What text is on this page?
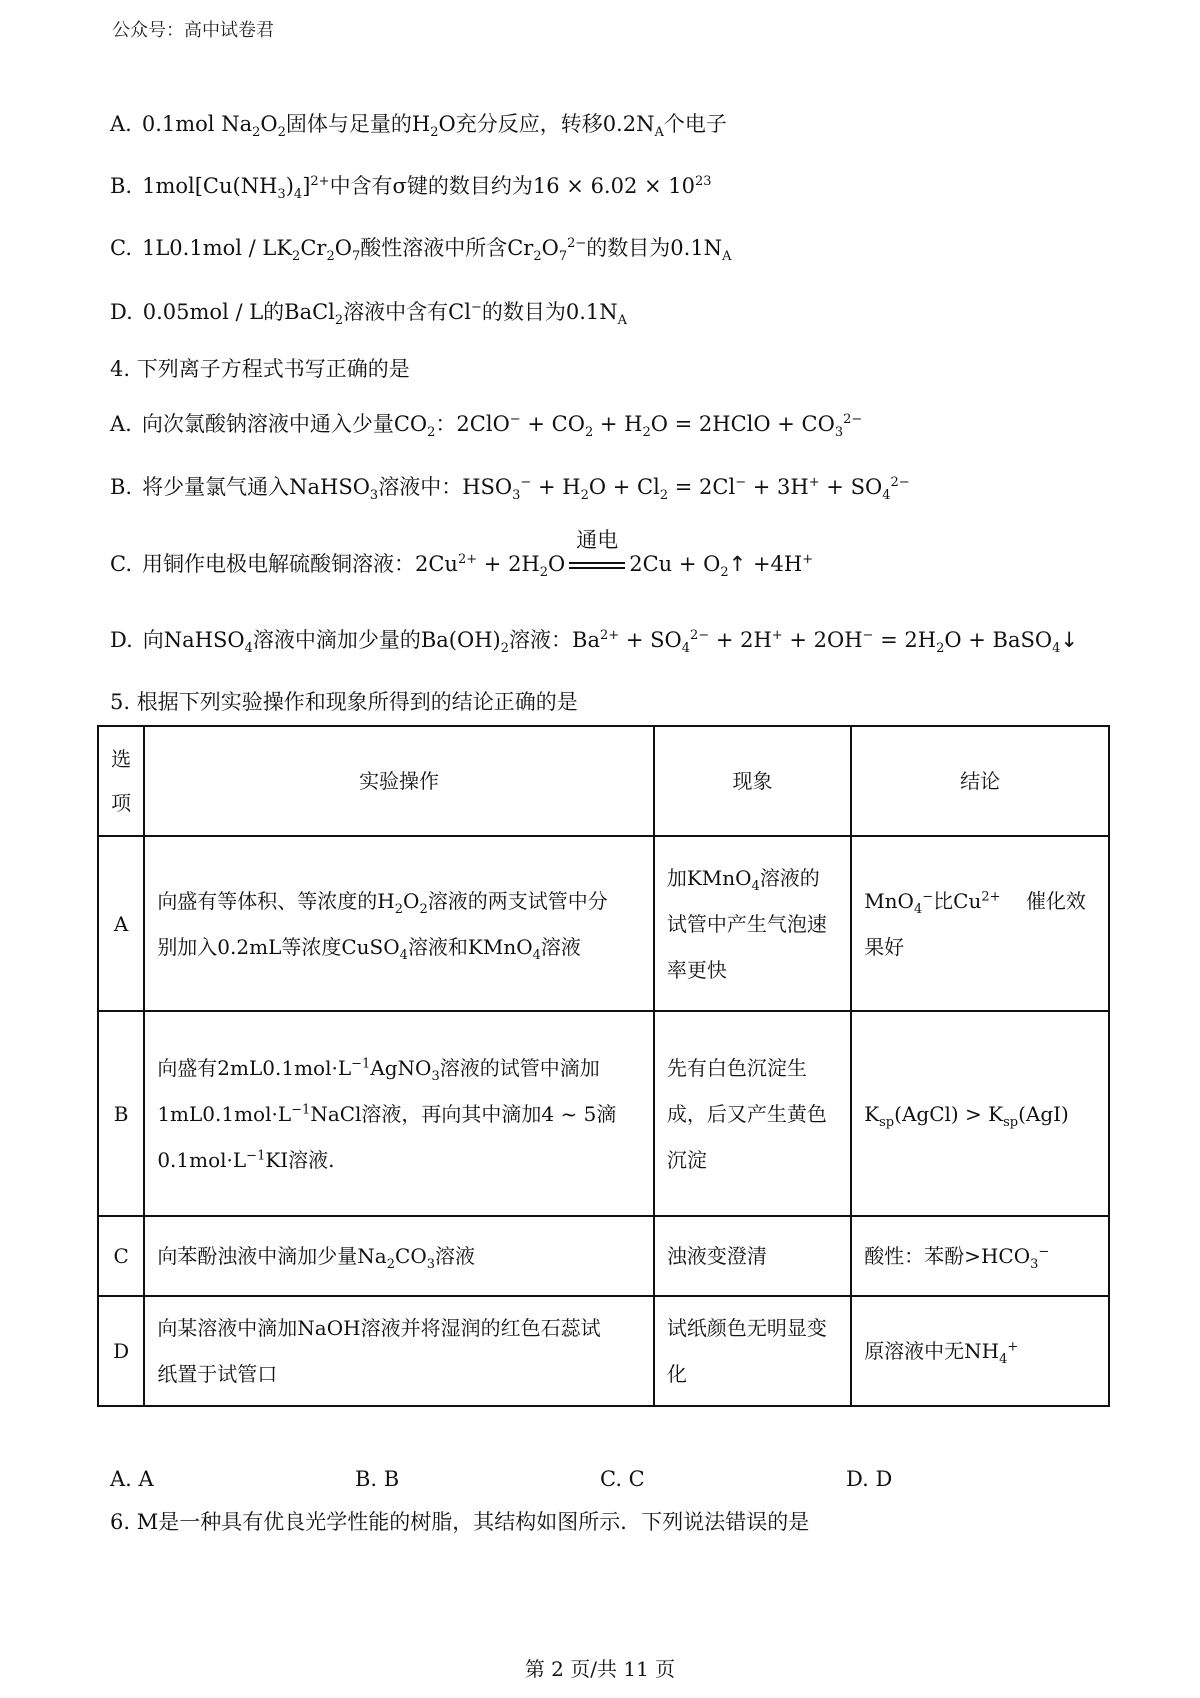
公众号：高中试卷君
A. 0.1mol $Na_2O_2$固体与足量的$H_2O$充分反应，转移$0.2N_A$个电子
B. $1mol[Cu(NH_3)_4]^{2+}$中含有σ键的数目约为$16 \times 6.02 \times 10^{23}$
C. $1L0.1mol / LK_2Cr_2O_7$酸性溶液中所含$Cr_2O_7^{2-}$的数目为$0.1N_A$
D. 0.05mol / L的BaCl$_2$溶液中含有Cl−的数目为$0.1N_A$
4. 下列离子方程式书写正确的是
A. 向次氯酸钠溶液中通入少量$CO_2$：$2ClO^- + CO_2 + H_2O$ = 2HClO + $CO_3^{2-}$
B. 将少量氯气通入NaHSO$_3$溶液中：$HSO_3^- + H_2O + Cl_2 = 2Cl^- + 3H^+ + SO_4^{2-}$
C. 用铜作电极电解硫酸铜溶液：$2Cu^{2+} + 2H_2O$
通电
$2Cu + O_2↑ +4H^+$
D. 向NaHSO$_4$溶液中滴加少量的$Ba(OH)_2$溶液：$Ba^{2+} + SO_4^{2-} + 2H^+ + 2OH^- = 2H_2O$ + BaSO$_4$↓
5. 根据下列实验操作和现象所得到的结论正确的是
选
项	实验操作	现象	结论
A	向盛有等体积、等浓度的$H_2O_2$溶液的两支试管中分
别加入0.2mL等浓度CuSO$_4$溶液和KMnO$_4$溶液	加KMnO$_4$溶液的
试管中产生气泡速
率更快	MnO$_4$−比$Cu^{2+}$ 催化效
果好
B	向盛有$2mL0.1mol\cdot L^{-1}AgNO_3$溶液的试管中滴加
$1mL0.1mol\cdot L^{-1}NaCl$溶液，再向其中滴加4 ~ 5滴
$0.1mol\cdot L^{-1}KI$溶液.	先有白色沉淀生
成，后又产生黄色
沉淀	$K_{sp}(AgCl) > K_{sp}(AgI)$
C	向苯酚浊液中滴加少量$Na_2CO_3$溶液	浊液变澄清	酸性：苯酚$>HCO_3^-$
D	向某溶液中滴加NaOH溶液并将湿润的红色石蕊试
纸置于试管口	试纸颜色无明显变
化	原溶液中无$NH_4^+$
A. A	B. B	C. C	D. D
6. M是一种具有优良光学性能的树脂，其结构如图所示．下列说法错误的是
第 2 页/共 11 页
